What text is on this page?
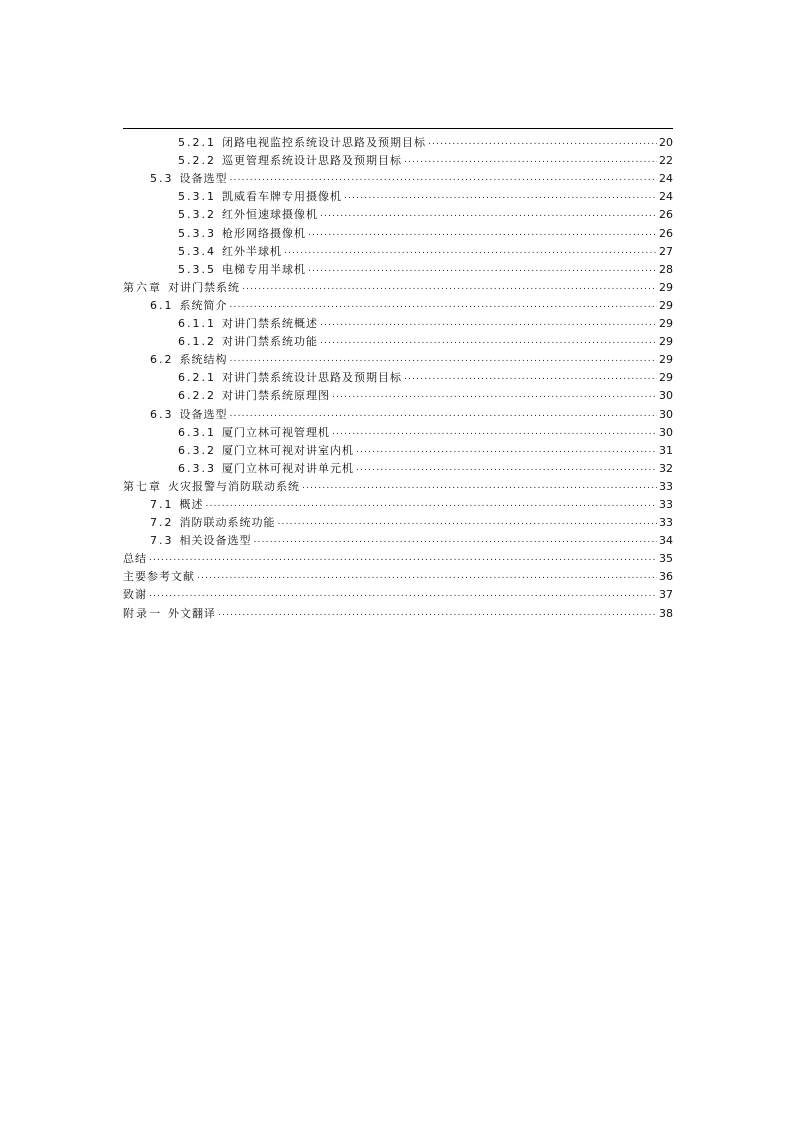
5.2.1 闭路电视监控系统设计思路及预期目标 .....	20
5.2.2 巡更管理系统设计思路及预期目标 .....	22
5.3 设备选型 .....	24
5.3.1 凯威看车牌专用摄像机 .....	24
5.3.2 红外恒速球摄像机 .....	26
5.3.3 枪形网络摄像机 .....	26
5.3.4 红外半球机 .....	27
5.3.5 电梯专用半球机 .....	28
第六章 对讲门禁系统 .....	29
6.1 系统简介 .....	29
6.1.1 对讲门禁系统概述 .....	29
6.1.2 对讲门禁系统功能 .....	29
6.2 系统结构 .....	29
6.2.1 对讲门禁系统设计思路及预期目标 .....	29
6.2.2 对讲门禁系统原理图 .....	30
6.3 设备选型 .....	30
6.3.1 厦门立林可视管理机 .....	30
6.3.2 厦门立林可视对讲室内机 .....	31
6.3.3 厦门立林可视对讲单元机 .....	32
第七章 火灾报警与消防联动系统 .....	33
7.1 概述 .....	33
7.2 消防联动系统功能 .....	33
7.3 相关设备选型 .....	34
总结 .....	35
主要参考文献 .....	36
致谢 .....	37
附录一 外文翻译 .....	38
